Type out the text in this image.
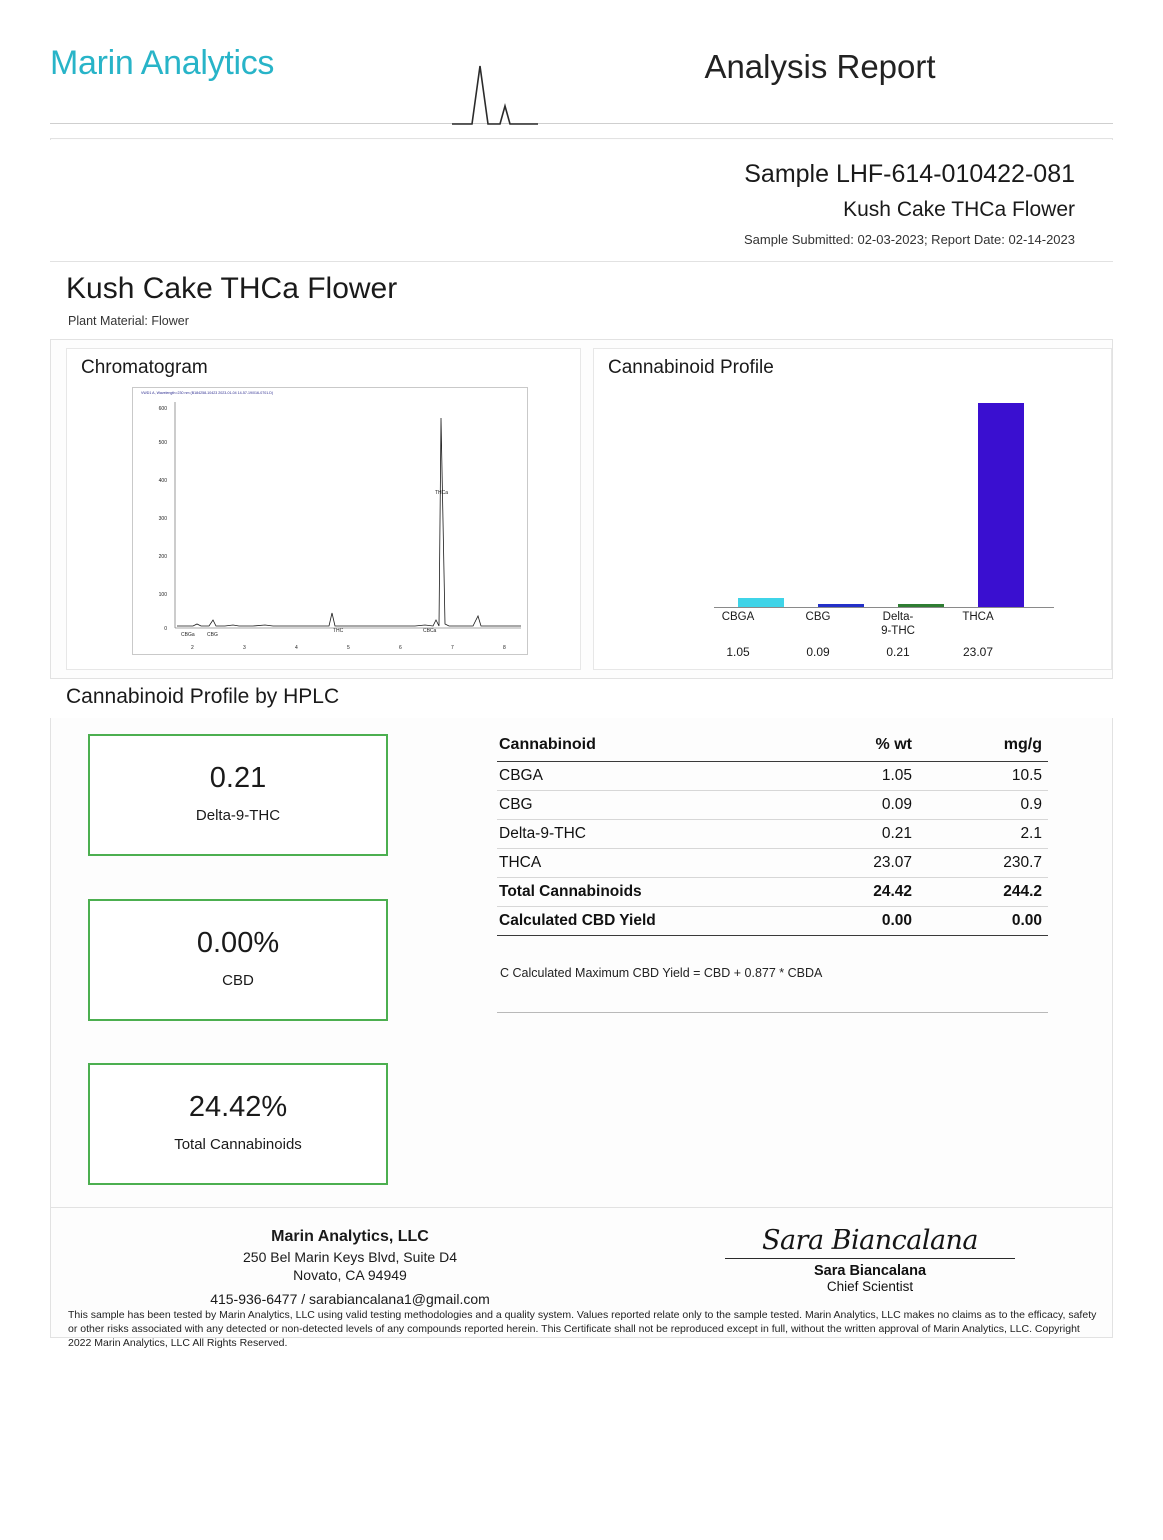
Marin Analytics	Analysis Report
Sample LHF-614-010422-081
Kush Cake THCa Flower
Sample Submitted: 02-03-2023; Report Date: 02-14-2023
Kush Cake THCa Flower
Plant Material: Flower
Chromatogram
VWD1 A, Wavelength=230 nm (B184258-10423 2023-01-04 14-57-19\016-0701.D)
600
500
400
300
200
100
0
2	3	4	5	6	7	8
THCa
THC	CBCa
CBGa CBG
Cannabinoid Profile
CBGA	CBG	Delta-
9-THC
THCA
1.05	0.09	0.21	23.07
Cannabinoid Profile by HPLC
0.21
Delta-9-THC
0.00%
CBD
24.42%
Total Cannabinoids
Cannabinoid	% wt	mg/g
CBGA	1.05	10.5
CBG	0.09	0.9
Delta-9-THC	0.21	2.1
THCA	23.07	230.7
Total Cannabinoids	24.42	244.2
Calculated CBD Yield	0.00	0.00
C Calculated Maximum CBD Yield = CBD + 0.877 * CBDA
Marin Analytics, LLC
250 Bel Marin Keys Blvd, Suite D4
Novato, CA 94949
415-936-6477 / sarabiancalana1@gmail.com
Sara Biancalana
Sara Biancalana
Chief Scientist
This sample has been tested by Marin Analytics, LLC using valid testing methodologies and a quality system. Values reported relate only to the sample tested. Marin Analytics, LLC makes no claims as to the efficacy, safety or other risks associated with any detected or non-detected levels of any compounds reported herein. This Certificate shall not be reproduced except in full, without the written approval of Marin Analytics, LLC. Copyright 2022 Marin Analytics, LLC All Rights Reserved.
